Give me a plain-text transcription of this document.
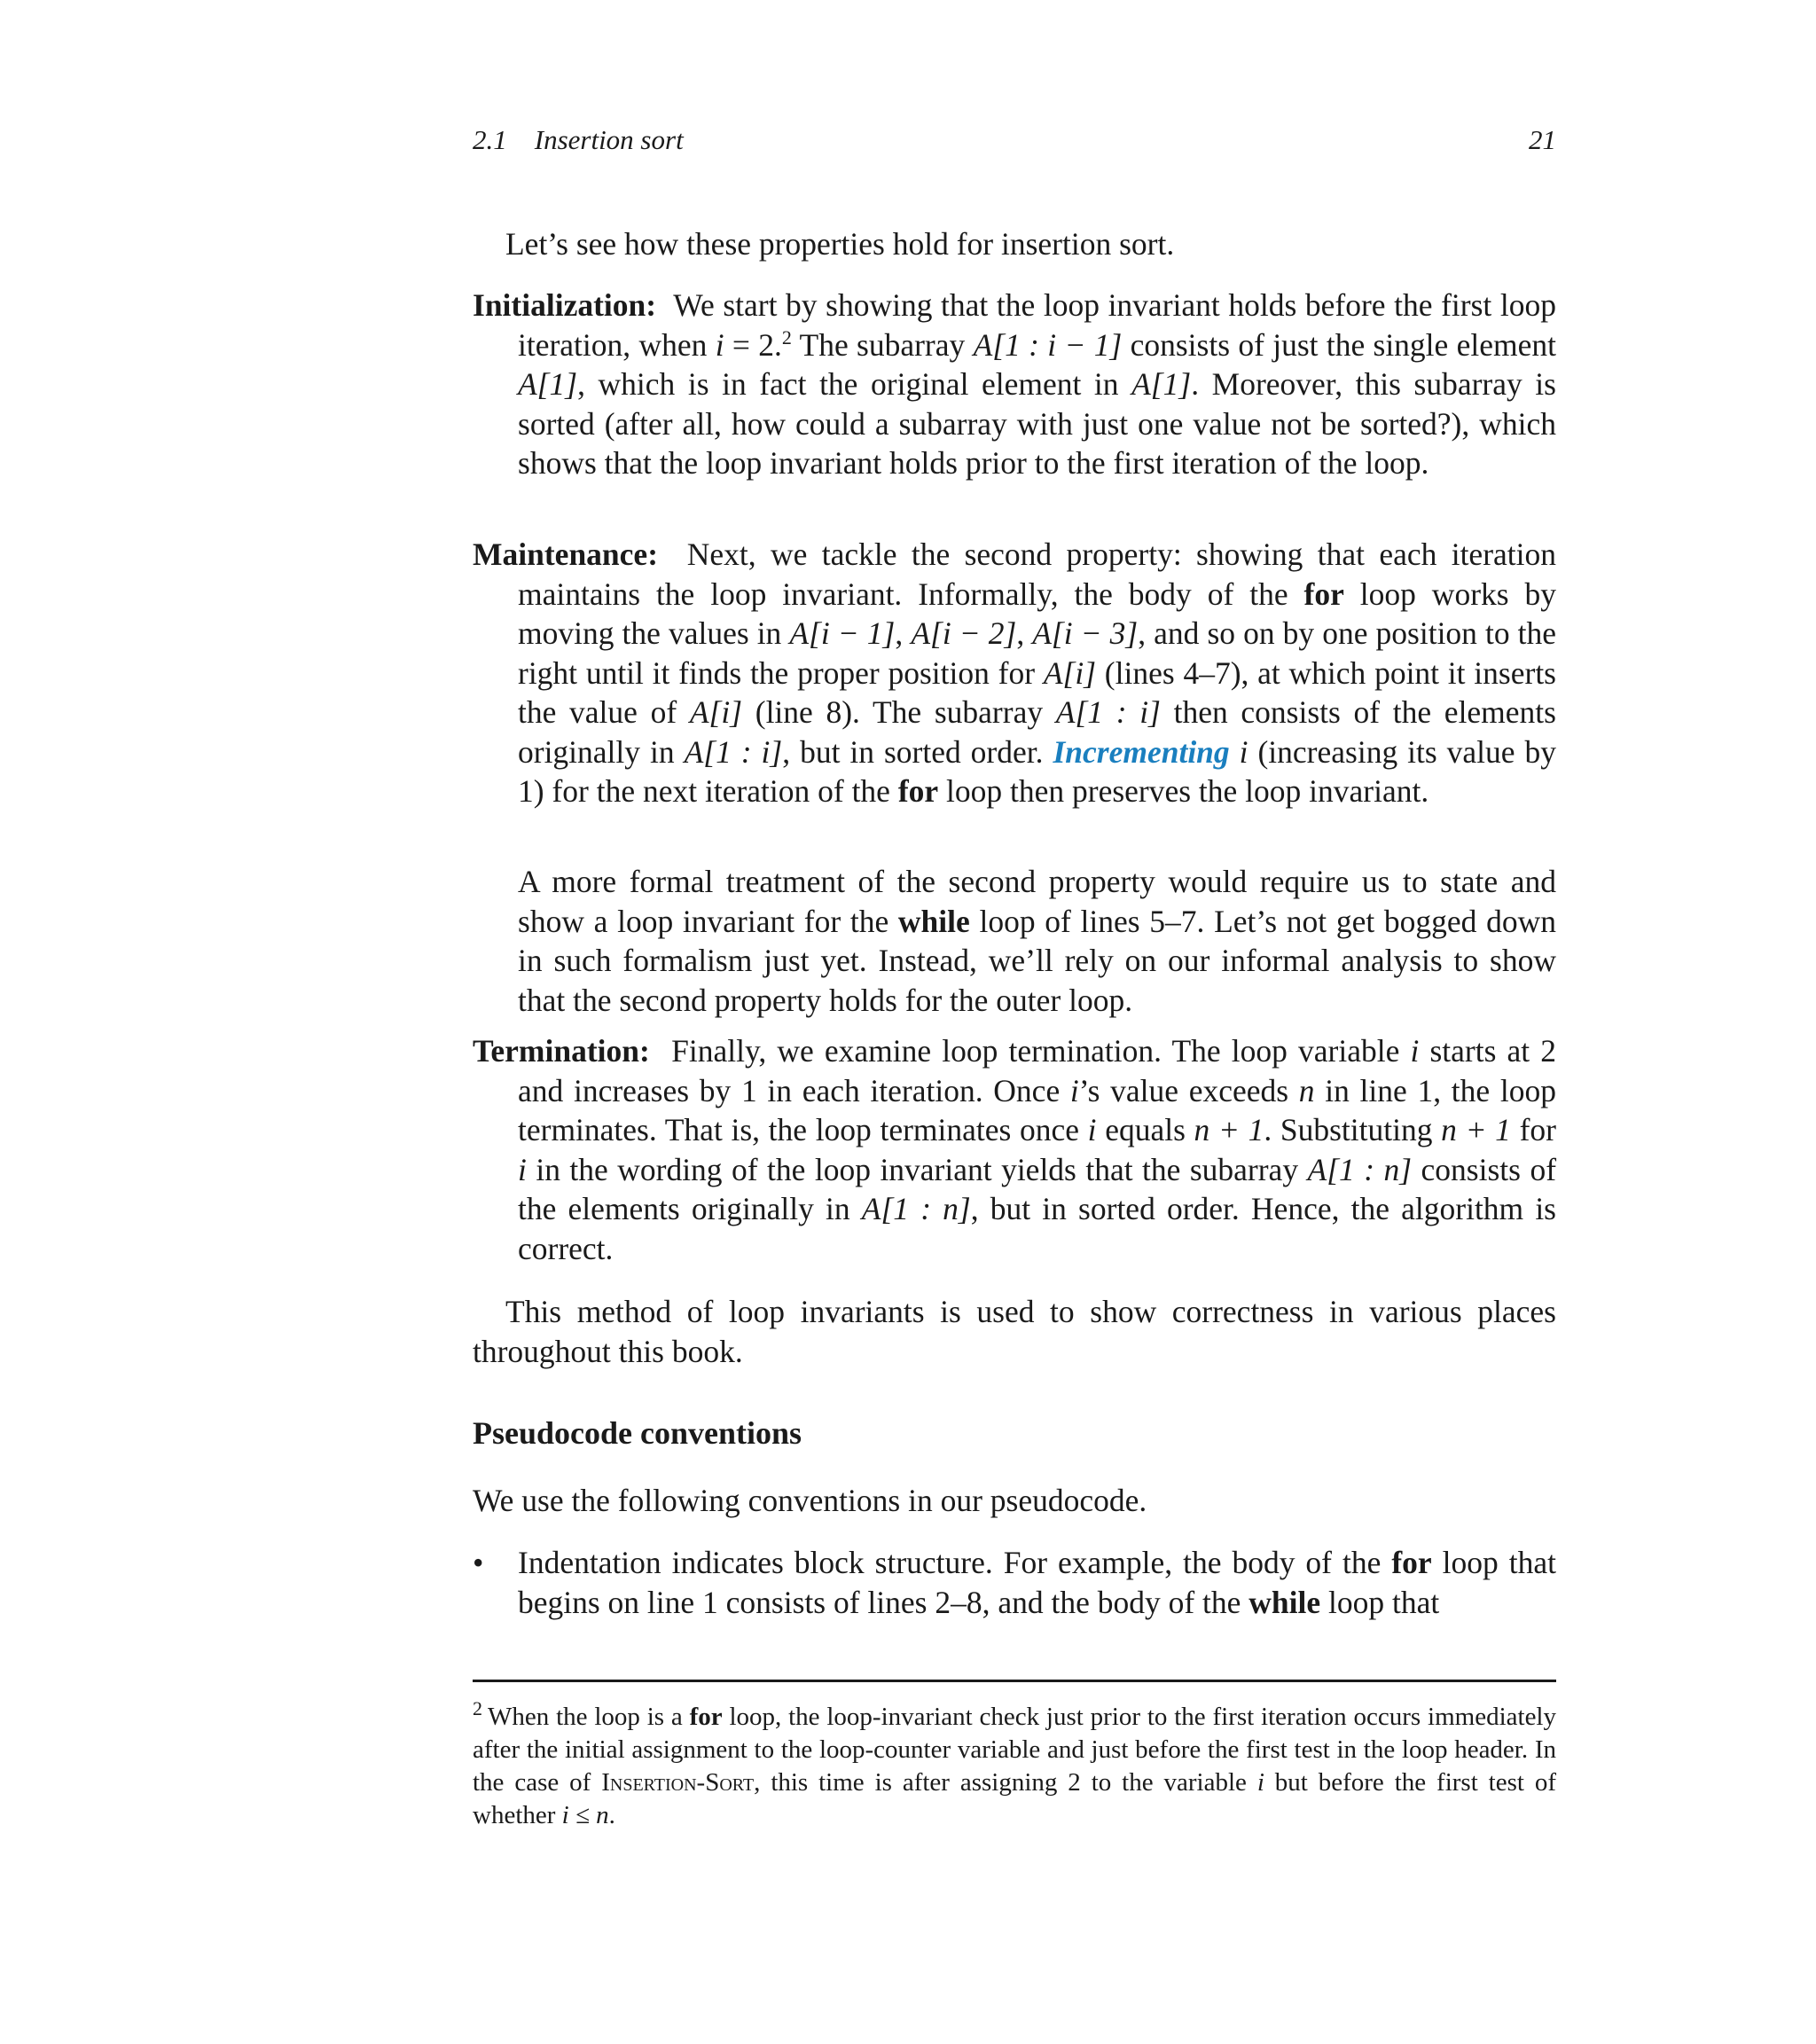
2.1 Insertion sort	21

Let’s see how these properties hold for insertion sort.

Initialization: We start by showing that the loop invariant holds before the first loop iteration, when i = 2.$^2$ The subarray A[1 : i − 1] consists of just the single element A[1], which is in fact the original element in A[1]. Moreover, this subarray is sorted (after all, how could a subarray with just one value not be sorted?), which shows that the loop invariant holds prior to the first iteration of the loop.

Maintenance: Next, we tackle the second property: showing that each iteration maintains the loop invariant. Informally, the body of the for loop works by moving the values in A[i − 1], A[i − 2], A[i − 3], and so on by one position to the right until it finds the proper position for A[i] (lines 4–7), at which point it inserts the value of A[i] (line 8). The subarray A[1 : i] then consists of the elements originally in A[1 : i], but in sorted order. Incrementing i (increasing its value by 1) for the next iteration of the for loop then preserves the loop invariant.

A more formal treatment of the second property would require us to state and show a loop invariant for the while loop of lines 5–7. Let’s not get bogged down in such formalism just yet. Instead, we’ll rely on our informal analysis to show that the second property holds for the outer loop.

Termination: Finally, we examine loop termination. The loop variable i starts at 2 and increases by 1 in each iteration. Once i’s value exceeds n in line 1, the loop terminates. That is, the loop terminates once i equals n + 1. Substituting n + 1 for i in the wording of the loop invariant yields that the subarray A[1 : n] consists of the elements originally in A[1 : n], but in sorted order. Hence, the algorithm is correct.

This method of loop invariants is used to show correctness in various places throughout this book.

Pseudocode conventions

We use the following conventions in our pseudocode.

• Indentation indicates block structure. For example, the body of the for loop that begins on line 1 consists of lines 2–8, and the body of the while loop that

$^2$ When the loop is a for loop, the loop-invariant check just prior to the first iteration occurs immediately after the initial assignment to the loop-counter variable and just before the first test in the loop header. In the case of Insertion-Sort, this time is after assigning 2 to the variable i but before the first test of whether i ≤ n.
